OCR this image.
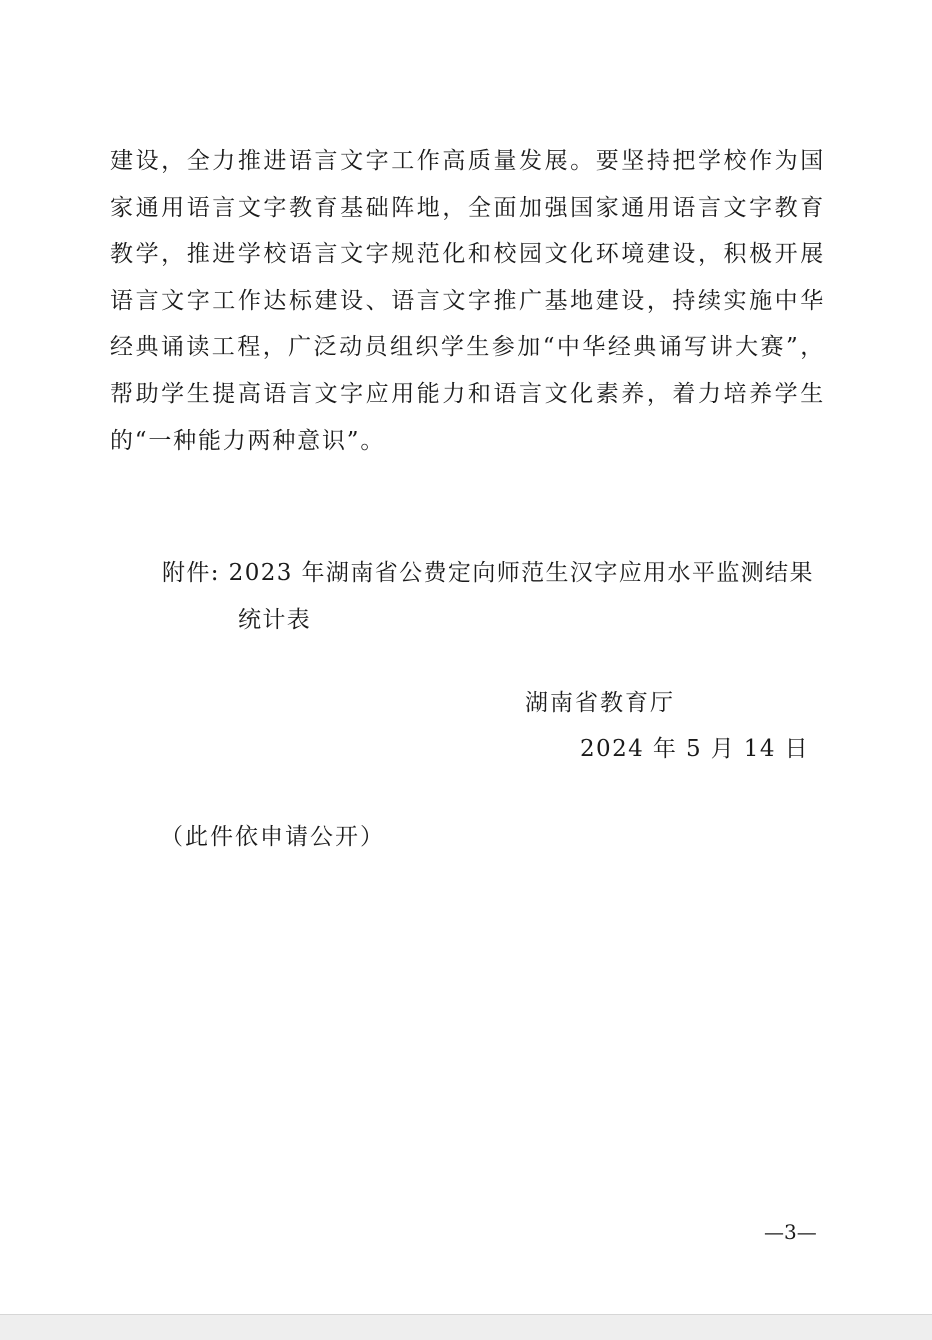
建设，全力推进语言文字工作高质量发展。要坚持把学校作为国家通用语言文字教育基础阵地，全面加强国家通用语言文字教育教学，推进学校语言文字规范化和校园文化环境建设，积极开展语言文字工作达标建设、语言文字推广基地建设，持续实施中华经典诵读工程，广泛动员组织学生参加“中华经典诵写讲大赛”，帮助学生提高语言文字应用能力和语言文化素养，着力培养学生的“一种能力两种意识”。

附件: 2023 年湖南省公费定向师范生汉字应用水平监测结果
统计表
湖南省教育厅
2024 年 5 月 14 日
（此件依申请公开）
—3—
